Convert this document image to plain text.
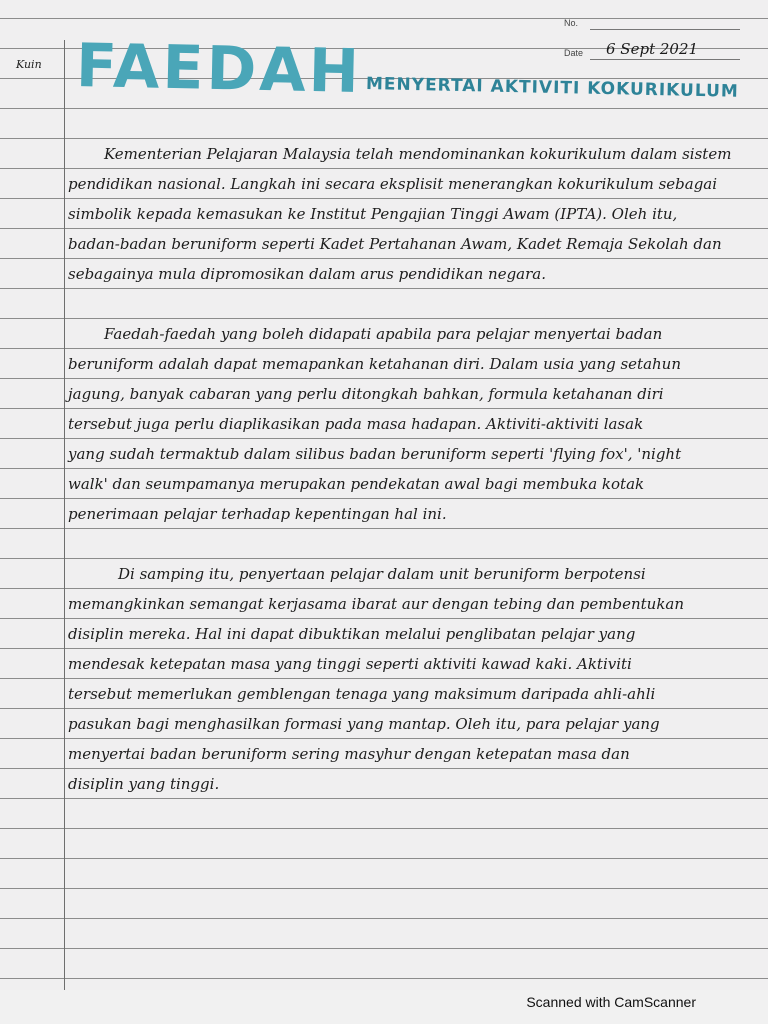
Kuin
No.
Date 6 Sept 2021
FAEDAH MENYERTAI AKTIVITI KOKURIKULUM
Kementerian Pelajaran Malaysia telah mendominankan kokurikulum dalam sistem
pendidikan nasional. Langkah ini secara eksplisit menerangkan kokurikulum sebagai
simbolik kepada kemasukan ke Institut Pengajian Tinggi Awam (IPTA). Oleh itu,
badan-badan beruniform seperti Kadet Pertahanan Awam, Kadet Remaja Sekolah dan
sebagainya mula dipromosikan dalam arus pendidikan negara.
Faedah-faedah yang boleh didapati apabila para pelajar menyertai badan
beruniform adalah dapat memapankan ketahanan diri. Dalam usia yang setahun
jagung, banyak cabaran yang perlu ditongkah bahkan, formula ketahanan diri
tersebut juga perlu diaplikasikan pada masa hadapan. Aktiviti-aktiviti lasak
yang sudah termaktub dalam silibus badan beruniform seperti 'flying fox', 'night
walk' dan seumpamanya merupakan pendekatan awal bagi membuka kotak
penerimaan pelajar terhadap kepentingan hal ini.
Di samping itu, penyertaan pelajar dalam unit beruniform berpotensi
memangkinkan semangat kerjasama ibarat aur dengan tebing dan pembentukan
disiplin mereka. Hal ini dapat dibuktikan melalui penglibatan pelajar yang
mendesak ketepatan masa yang tinggi seperti aktiviti kawad kaki. Aktiviti
tersebut memerlukan gemblengan tenaga yang maksimum daripada ahli-ahli
pasukan bagi menghasilkan formasi yang mantap. Oleh itu, para pelajar yang
menyertai badan beruniform sering masyhur dengan ketepatan masa dan
disiplin yang tinggi.
Scanned with CamScanner
